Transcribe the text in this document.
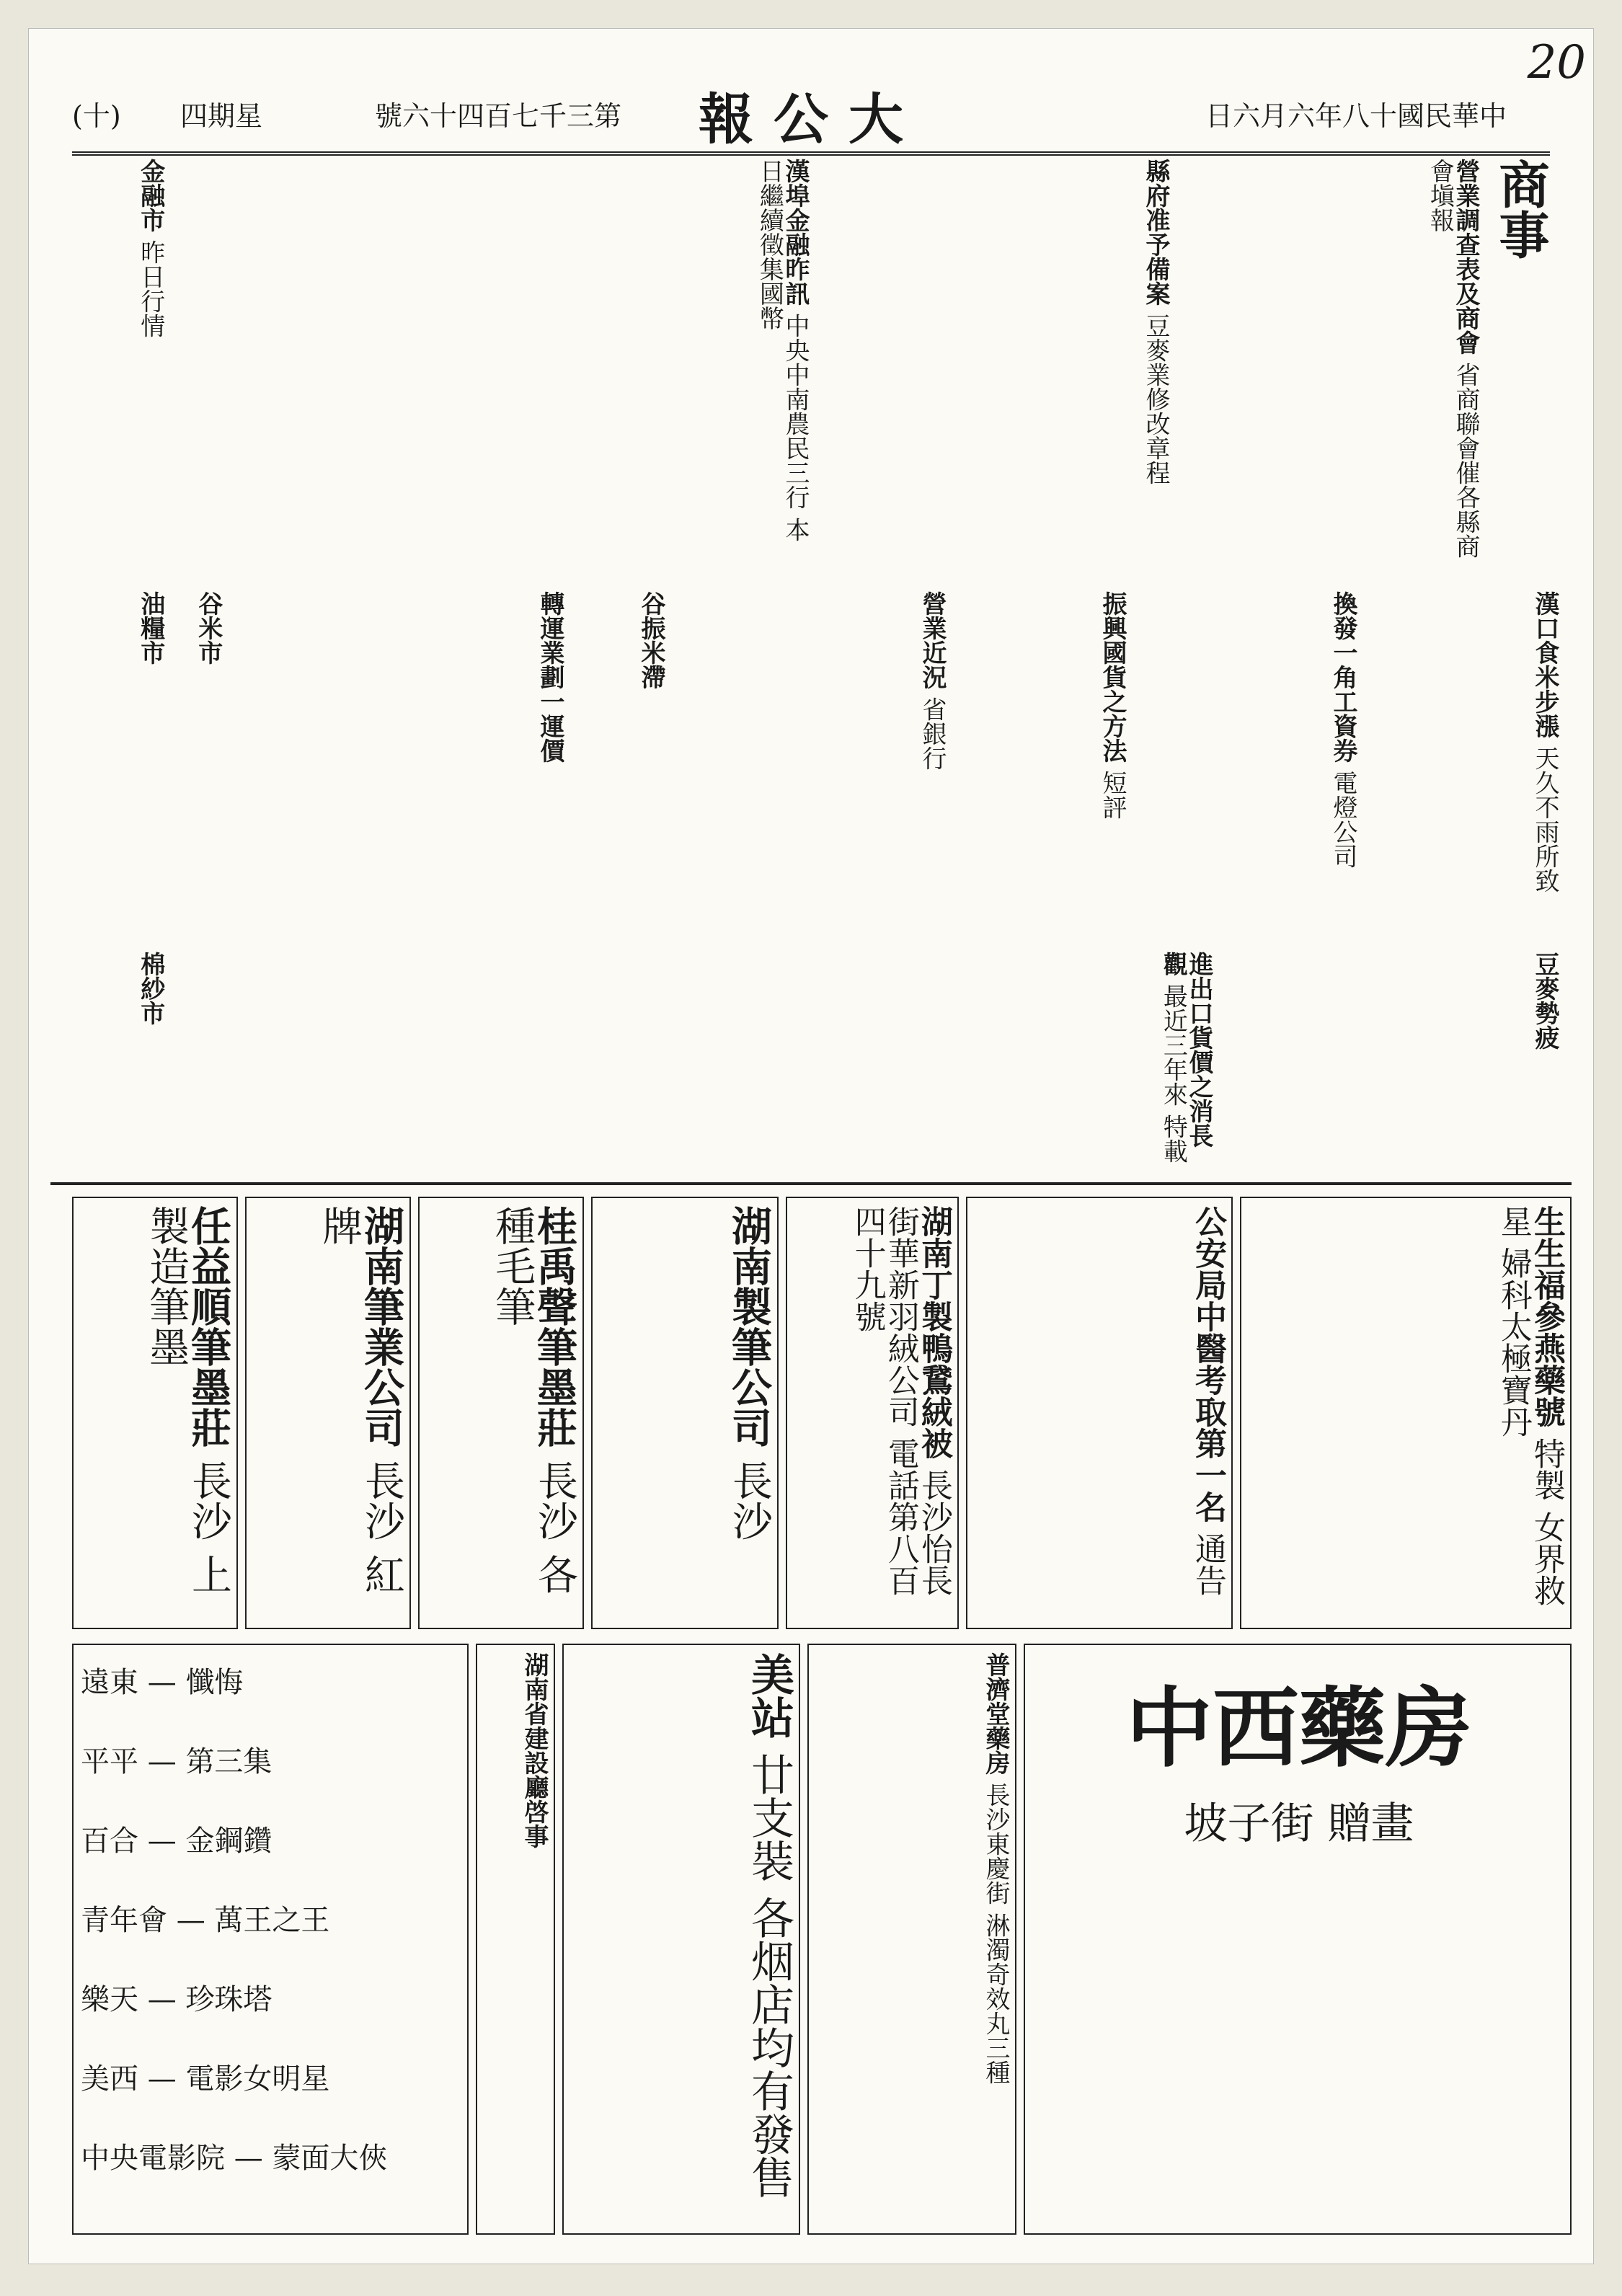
(十) 四期星	號六十四百七千三第 報公大	日六月六年八十國民華中
20
商事
營業調查表及商會 省商聯會催各縣商會塡報
縣府准予備案 豆麥業修改章程
漢埠金融昨訊 中央中南農民三行 本日繼續徵集國幣
漢口食米步漲 天久不雨所致
換發一角工資券 電燈公司
振興國貨之方法 短評
營業近況 省銀行
谷振米滯
轉運業劃一運價
豆麥勢疲
進出口貨價之消長觀 最近三年來 特載
金融市 昨日行情
谷米市
油糧市
棉紗市
生生福參燕藥號 特製 女界救星 婦科太極寶丹
公安局中醫考取第一名 通告
湖南丁製鴨鵞絨被 長沙怡長街華新羽絨公司 電話第八百四十九號
湖南製筆公司 長沙
桂禹聲筆墨莊 長沙 各種毛筆
湖南筆業公司 長沙 紅牌
任益順筆墨莊 長沙 上製造筆墨
中西藥房
坡子街 贈畫
普濟堂藥房 長沙東慶街 淋濁奇效丸三種
美站 廿支裝 各烟店均有發售
湖南省建設廳啓事
遠東 — 懺悔
平平 — 第三集
百合 — 金鋼鑽
青年會 — 萬王之王
樂天 — 珍珠塔
美西 — 電影女明星
中央電影院 — 蒙面大俠
